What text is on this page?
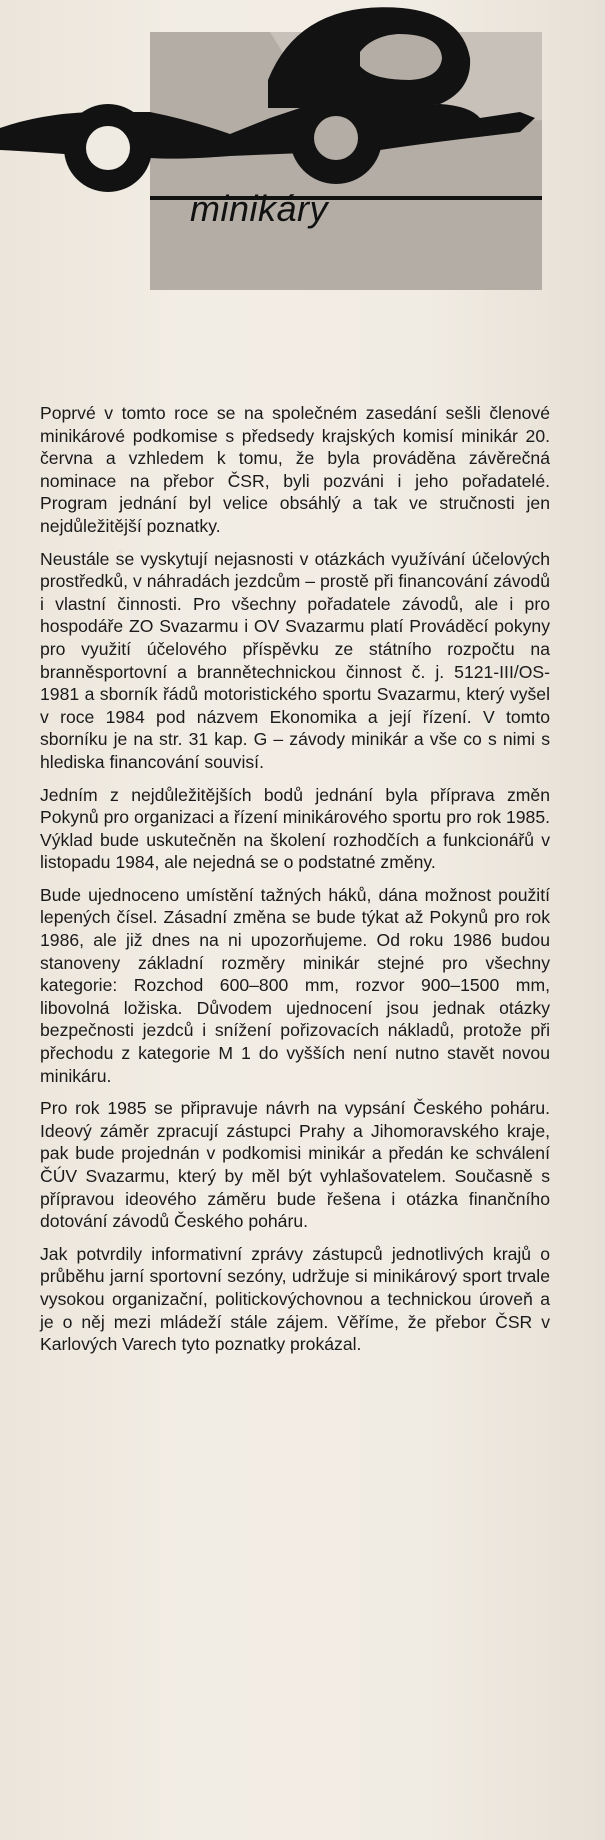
minikáry

Poprvé v tomto roce se na společném zasedání sešli členové minikárové podkomise s předsedy krajských komisí minikár 20. června a vzhledem k tomu, že byla prováděna závěrečná nominace na přebor ČSR, byli pozváni i jeho pořadatelé. Program jednání byl velice obsáhlý a tak ve stručnosti jen nejdůležitější poznatky.

Neustále se vyskytují nejasnosti v otázkách využívání účelových prostředků, v náhradách jezdcům – prostě při financování závodů i vlastní činnosti. Pro všechny pořadatele závodů, ale i pro hospodáře ZO Svazarmu i OV Svazarmu platí Prováděcí pokyny pro využití účelového příspěvku ze státního rozpočtu na branněsportovní a brannětechnickou činnost č. j. 5121-III/OS-1981 a sborník řádů motoristického sportu Svazarmu, který vyšel v roce 1984 pod názvem Ekonomika a její řízení. V tomto sborníku je na str. 31 kap. G – závody minikár a vše co s nimi s hlediska financování souvisí.

Jedním z nejdůležitějších bodů jednání byla příprava změn Pokynů pro organizaci a řízení minikárového sportu pro rok 1985. Výklad bude uskutečněn na školení rozhodčích a funkcionářů v listopadu 1984, ale nejedná se o podstatné změny.

Bude ujednoceno umístění tažných háků, dána možnost použití lepených čísel. Zásadní změna se bude týkat až Pokynů pro rok 1986, ale již dnes na ni upozorňujeme. Od roku 1986 budou stanoveny základní rozměry minikár stejné pro všechny kategorie: Rozchod 600–800 mm, rozvor 900–1500 mm, libovolná ložiska. Důvodem ujednocení jsou jednak otázky bezpečnosti jezdců i snížení pořizovacích nákladů, protože při přechodu z kategorie M 1 do vyšších není nutno stavět novou minikáru.

Pro rok 1985 se připravuje návrh na vypsání Českého poháru. Ideový záměr zpracují zástupci Prahy a Jihomoravského kraje, pak bude projednán v podkomisi minikár a předán ke schválení ČÚV Svazarmu, který by měl být vyhlašovatelem. Současně s přípravou ideového záměru bude řešena i otázka finančního dotování závodů Českého poháru.

Jak potvrdily informativní zprávy zástupců jednotlivých krajů o průběhu jarní sportovní sezóny, udržuje si minikárový sport trvale vysokou organizační, politickovýchovnou a technickou úroveň a je o něj mezi mládeží stále zájem. Věříme, že přebor ČSR v Karlových Varech tyto poznatky prokázal.
